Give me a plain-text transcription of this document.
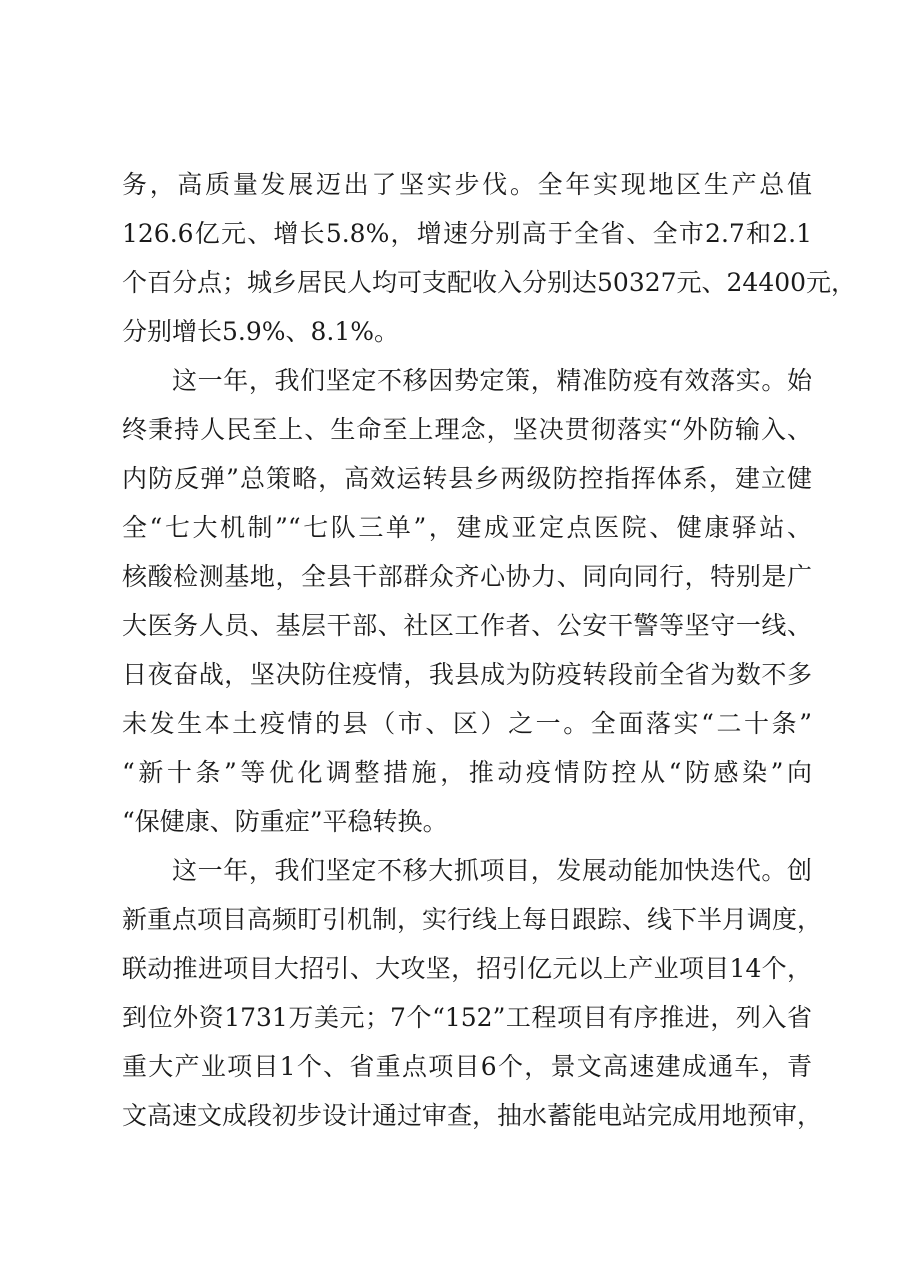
务，高质量发展迈出了坚实步伐。全年实现地区生产总值
126.6亿元、增长5.8%，增速分别高于全省、全市2.7和2.1
个百分点；城乡居民人均可支配收入分别达50327元、24400元，
分别增长5.9%、8.1%。
这一年，我们坚定不移因势定策，精准防疫有效落实。始
终秉持人民至上、生命至上理念，坚决贯彻落实“外防输入、
内防反弹”总策略，高效运转县乡两级防控指挥体系，建立健
全“七大机制”“七队三单”，建成亚定点医院、健康驿站、
核酸检测基地，全县干部群众齐心协力、同向同行，特别是广
大医务人员、基层干部、社区工作者、公安干警等坚守一线、
日夜奋战，坚决防住疫情，我县成为防疫转段前全省为数不多
未发生本土疫情的县（市、区）之一。全面落实“二十条”
“新十条”等优化调整措施，推动疫情防控从“防感染”向
“保健康、防重症”平稳转换。
这一年，我们坚定不移大抓项目，发展动能加快迭代。创
新重点项目高频盯引机制，实行线上每日跟踪、线下半月调度，
联动推进项目大招引、大攻坚，招引亿元以上产业项目14个，
到位外资1731万美元；7个“152”工程项目有序推进，列入省
重大产业项目1个、省重点项目6个，景文高速建成通车，青
文高速文成段初步设计通过审查，抽水蓄能电站完成用地预审，
